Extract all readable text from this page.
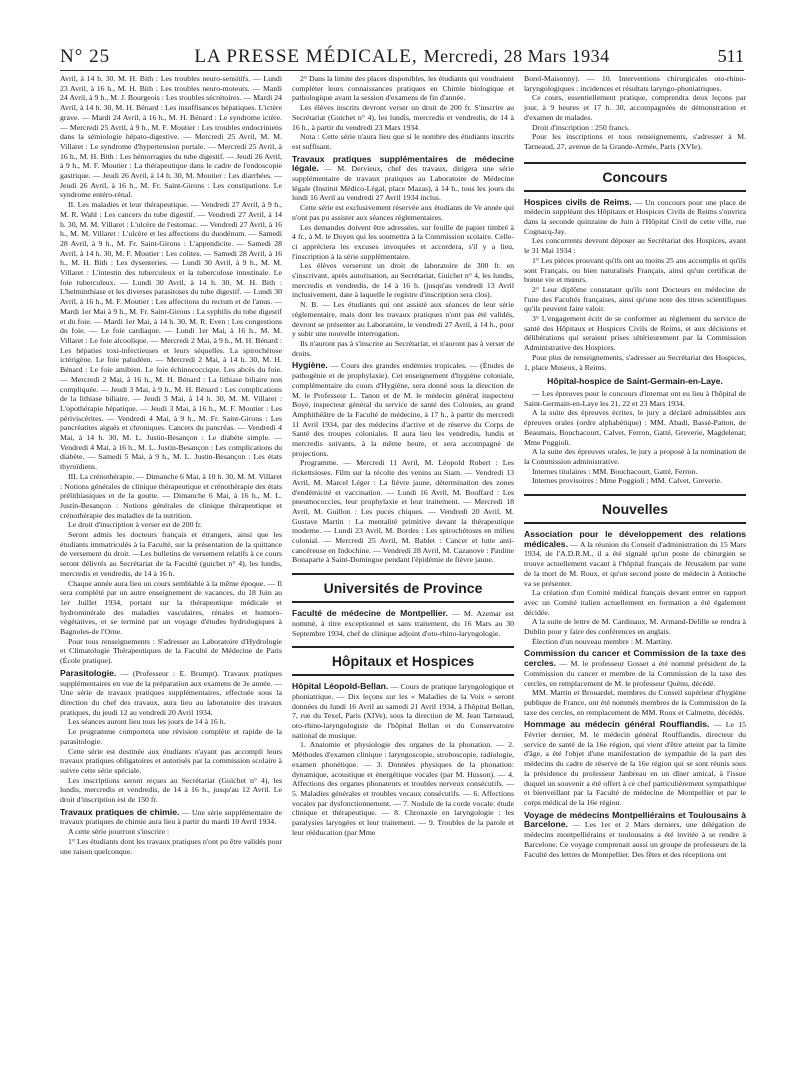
N° 25	LA PRESSE MÉDICALE, Mercredi, 28 Mars 1934	511

Avril, à 14 h. 30. M. H. Bith : Les troubles neuro-sensitifs. — Lundi 23 Avril, à 16 h., M. H. Bith : Les troubles neuro-moteurs. — Mardi 24 Avril, à 9 h., M. J. Bourgeois : Les troubles sécrétoires. — Mardi 24 Avril, à 14 h. 30, M. H. Bénard : Les insuffisances hépatiques. L'ictère grave. — Mardi 24 Avril, à 16 h., M. H. Bénard : Le syndrome ictère. — Mercredi 25 Avril, à 9 h., M. F. Moutier : Les troubles endocriniens dans la sémiologie hépato-digestive. — Mercredi 25 Avril, M. M. Villaret : Le syndrome d'hypertension portale. — Mercredi 25 Avril, à 16 h., M. H. Bith : Les hémorragies du tube digestif. — Jeudi 26 Avril, à 9 h., M. F. Moutier : La thérapeutique dans le cadre de l'endoscopie gastrique. — Jeudi 26 Avril, à 14 h. 30, M. Moutier : Les diarrhées. — Jeudi 26 Avril, à 16 h., M. Fr. Saint-Girons : Les constipations. Le syndrome entéro-rénal.

II. Les maladies et leur thérapeutique. — Vendredi 27 Avril, à 9 h., M. R. Wahl : Les cancers du tube digestif. — Vendredi 27 Avril, à 14 h. 30, M. M. Villaret : L'ulcère de l'estomac. — Vendredi 27 Avril, à 16 h., M. M. Villaret : L'ulcère et les affections du duodénum. — Samedi 28 Avril, à 9 h., M. Fr. Saint-Girons : L'appendicite. — Samedi 28 Avril, à 14 h. 30, M. F. Moutier : Les colites. — Samedi 28 Avril, à 16 h., M. H. Bith : Les dysenteries. — Lundi 30 Avril, à 9 h., M. M. Villaret : L'intestin des tuberculeux et la tuberculose intestinale. Le foie tuberculeux. — Lundi 30 Avril, à 14 h. 30, M. H. Bith : L'helminthiase et les diverses parasitoses du tube digestif. — Lundi 30 Avril, à 16 h., M. F. Moutier : Les affections du rectum et de l'anus. — Mardi 1er Mai à 9 h., M. Fr. Saint-Girons : La syphilis du tube digestif et du foie. — Mardi 1er Mai, à 14 h. 30, M. R. Even : Les congestions du foie. — Le foie cardiaque. — Lundi 1er Mai, à 16 h., M. M. Villaret : Le foie alcoolique. — Mercredi 2 Mai, à 9 h., M. H. Bénard : Les hépaties toxi-infectieuses et leurs séquelles. La spirochétose ictérigène. Le foie paludéen. — Mercredi 2 Mai, à 14 h. 30, M. H. Bénard : Le foie amibien. Le foie échinococcique. Les abcès du foie. — Mercredi 2 Mai, à 16 h., M. H. Bénard : La lithiase biliaire non compliquée. — Jeudi 3 Mai, à 9 h., M. H. Bénard : Les complications de la lithiase biliaire. — Jeudi 3 Mai, à 14 h. 30, M. M. Villaret : L'opothérapie hépatique. — Jeudi 3 Mai, à 16 h., M. F. Moutier : Les périviscérites. — Vendredi 4 Mai, à 9 h., M. Fr. Saint-Girons : Les pancréatites aiguës et chroniques. Cancers du pancréas. — Vendredi 4 Mai, à 14 h. 30, M. L. Justin-Besançon : Le diabète simple. — Vendredi 4 Mai, à 16 h., M. L. Justin-Besançon : Les complications du diabète. — Samedi 5 Mai, à 9 h., M. L. Justin-Besançon : Les états thyroïdiens.

III. La crénothérapie. — Dimanche 6 Mai, à 10 h. 30, M. M. Villaret : Notions générales de clinique thérapeutique et crénothérapie des états prélithiasiques et de la goutte. — Dimanche 6 Mai, à 16 h., M. L. Justin-Besançon : Notions générales de clinique thérapeutique et crénothérapie des maladies de la nutrition.

Le droit d'inscription à verser est de 200 fr.

Seront admis les docteurs français et étrangers, ainsi que les étudiants immatriculés à la Faculté, sur la présentation de la quittance de versement du droit. —Les bulletins de versement relatifs à ce cours seront délivrés au Secrétariat de la Faculté (guichet n° 4), les lundis, mercredis et vendredis, de 14 à 16 h.

Chaque année aura lieu un cours semblable à la même époque. — Il sera complété par un autre enseignement de vacances, du 18 Juin au 1er Juillet 1934, portant sur la thérapeutique médicale et hydrominérale des maladies vasculaires, rénales et humoro-végétatives, et se terminé par un voyage d'études hydrologiques à Bagnoles-de l'Orne.

Pour tous renseignements : S'adresser au Laboratoire d'Hydrologie et Climatologie Thérapeutiques de la Faculté de Médecine de Paris (École pratique).

Parasitologie. — (Professeur : E. Brumpt). Travaux pratiques supplémentaires en vue de la préparation aux examens de 3e année. — Une série de travaux pratiques supplémentaires, effectuée sous la direction du chef des travaux, aura lieu au laboratoire des travaux pratiques, du jeudi 12 au vendredi 20 Avril 1934.

Les séances auront lieu tous les jours de 14 à 16 h.

Le programme comportera une révision complète et rapide de la parasitologie.

Cette série est destinée aux étudiants n'ayant pas accompli leurs travaux pratiques obligatoires et autorisés par la commission scolaire à suivre cette série spéciale.

Les inscriptions seront reçues au Secrétariat (Guichet n° 4), les lundis, mercredis et vendredis, de 14 à 16 h., jusqu'au 12 Avril. Le droit d'inscription est de 150 fr.

Travaux pratiques de chimie. — Une série supplémentaire de travaux pratiques de chimie aura lieu à partir du mardi 10 Avril 1934.

A cette série pourront s'inscrire :

1° Les étudiants dont les travaux pratiques n'ont pu être validés pour une raison quelconque.

2° Dans la limite des places disponibles, les étudiants qui voudraient compléter leurs connaissances pratiques en Chimie biologique et pathologique avant la session d'examens de fin d'année.

Les élèves inscrits devront verser un droit de 200 fr. S'inscrire au Secrétariat (Guichet n° 4), les lundis, mercredis et vendredis, de 14 à 16 h., à partir du vendredi 23 Mars 1934.

Nota : Cette série n'aura lieu que si le nombre des étudiants inscrits est suffisant.

Travaux pratiques supplémentaires de médecine légale. — M. Dervieux, chef des travaux, dirigera une série supplémentaire de travaux pratiques au Laboratoire de Médecine légale (Institut Médico-Légal, place Mazas), à 14 h., tous les jours du lundi 16 Avril au vendredi 27 Avril 1934 inclus.

Cette série est exclusivement réservée aux étudiants de Ve année qui n'ont pas pu assister aux séances réglementaires.

Les demandes doivent être adressées, sur feuille de papier timbré à 4 fr., à M. le Doyen qui les soumettra à la Commission scolaire. Celle-ci appréciera les excuses invoquées et accordera, s'il y a lieu, l'inscription à la série supplémentaire.

Les élèves verseront un droit de laboratoire de 300 fr. en s'inscrivant, après autorisation, au Secrétariat, Guichet n° 4, les lundis, mercredis et vendredis, de 14 à 16 h. (jusqu'au vendredi 13 Avril inclusivement, date à laquelle le registre d'inscription sera clos).

N. B. — Les étudiants qui ont assisté aux séances de leur série réglementaire, mais dont les travaux pratiques n'ont pas été validés, devront se présenter au Laboratoire, le vendredi 27 Avril, à 14 h., pour y subir une nouvelle interrogation.

Ils n'auront pas à s'inscrire au Secrétariat, et n'auront pas à verser de droits.

Hygiène. — Cours des grandes endémies tropicales. — (Études de pathogénie et de prophylaxie). Cet enseignement d'hygiène coloniale, complémentaire du cours d'Hygiène, sera donné sous la direction de M. le Professeur L. Tanon et de M. le médecin général inspecteur Boyé, inspecteur général du service de santé des Colonies, au grand Amphithéâtre de la Faculté de médecine, à 17 h., à partir du mercredi 11 Avril 1934, par des médecins d'active et de réserve du Corps de Santé des troupes coloniales. Il aura lieu les vendredis, lundis et mercredis suivants, à la même heure, et sera accompagné de projections.

Programme. — Mercredi 11 Avril, M. Léopold Robert : Les rickettsioses. Film sur la récolte des venins au Siam. — Vendredi 13 Avril, M. Marcel Léger : La fièvre jaune, détermination des zones d'endémicité et vaccination. — Lundi 16 Avril, M. Bouffard : Les pneumococcies, leur prophylaxie et leur traitement. — Mercredi 18 Avril, M. Guillon : Les puces chiques. — Vendredi 20 Avril, M. Gustave Martin : La mentalité primitive devant la thérapeutique moderne. — Lundi 23 Avril, M. Bordes : Les spirochétoses en milieu colonial. — Mercredi 25 Avril, M. Bablet : Cancer et lutte anti-cancéreuse en Indochine. — Vendredi 28 Avril, M. Cazanove : Pauline Bonaparte à Saint-Domingue pendant l'épidémie de fièvre jaune.

Universités de Province

Faculté de médecine de Montpellier. — M. Azemar est nommé, à titre exceptionnel et sans traitement, du 16 Mars au 30 Septembre 1934, chef de clinique adjoint d'oto-rhino-laryngologie.

Hôpitaux et Hospices

Hôpital Léopold-Bellan. — Cours de pratique laryngologique et phoniatrique. — Dix leçons sur les « Maladies de la Voix » seront données du lundi 16 Avril au samedi 21 Avril 1934, à l'hôpital Bellan, 7, rue du Texel, Paris (XIVe), sous la direction de M. Jean Tarneaud, oto-rhino-laryngologiste de l'hôpital Bellan et du Conservatoire national de musique.

1. Anatomie et physiologie des organes de la phonation. — 2. Méthodes d'examen clinique : laryngoscopie, stroboscopie, radiologie, examen phonétique. — 3. Données physiques de la phonation: dynamique, acoustique et énergétique vocales (par M. Husson). — 4. Affections des organes phonateurs et troubles nerveux consécutifs. — 5. Maladies générales et troubles vocaux consécutifs. — 6. Affections vocales par dysfonctionnement. — 7. Nodule de la corde vocale: étude clinique et thérapeutique. — 8. Chronaxie en laryngologie : les paralysies laryngées et leur traitement. — 9. Troubles de la parole et leur rééducation (par Mme

Borel-Maisonny). — 10. Interventions chirurgicales oto-rhino-laryngologiques : incidences et résultats laryngo-phoniatriques.

Ce cours, essentiellement pratique, comprendra deux leçons par jour, à 9 heures et 17 h. 30, accompagnées de démonstration et d'examen de malades.

Droit d'inscription : 250 francs.

Pour les inscriptions et tous renseignements, s'adresser à M. Tarneaud, 27, avenue de la Grande-Armée, Paris (XVIe).

Concours

Hospices civils de Reims. — Un concours pour une place de médecin suppléant des Hôpitaux et Hospices Civils de Reims s'ouvrira dans la seconde quinzaine de Juin à l'Hôpital Civil de cette ville, rue Cognacq-Jay.

Les concurrents devront déposer au Secrétariat des Hospices, avant le 31 Mai 1934 :

1° Les pièces prouvant qu'ils ont au moins 25 ans accomplis et qu'ils sont Français, ou bien naturalisés Français, ainsi qu'un certificat de bonne vie et mœurs.

2° Leur diplôme constatant qu'ils sont Docteurs en médecine de l'une des Facultés françaises, ainsi qu'une note des titres scientifiques qu'ils peuvent faire valoir.

3° L'engagement écrit de se conformer au règlement du service de santé des Hôpitaux et Hospices Civils de Reims, et aux décisions et délibérations qui seraient prises ultérieurement par la Commission Administrative des Hospices.

Pour plus de renseignements, s'adresser au Secrétariat des Hospices, 1, place Museux, à Reims.

Hôpital-hospice de Saint-Germain-en-Laye.

— Les épreuves pour le concours d'internat ont eu lieu à l'hôpital de Saint-Germain-en-Laye les 21, 22 et 23 Mars 1934.

A la suite des épreuves écrites, le jury a déclaré admissibles aux épreuves orales (ordre alphabétique) : MM. Abadi, Bassé-Patton, de Beaumais, Bouchacourt, Calvet, Ferron, Gatté, Greverie, Magdelenat; Mme Poggioli.

A la suite des épreuves orales, le jury a proposé à la nomination de la Commission administrative.

Internes titulaires : MM. Bouchacourt, Gatté, Ferron.

Internes provisoires : Mme Poggioli ; MM. Calvet, Greverie.

Nouvelles

Association pour le développement des relations médicales. — A la réunion du Conseil d'administration du 15 Mars 1934, de l'A.D.R.M., il a été signalé qu'un poste de chirurgien se trouve actuellement vacant à l'hôpital français de Jérusalem par suite de la mort de M. Roux, et qu'un second poste de médecin à Antioche va se présenter.

La création d'un Comité médical français devant entrer en rapport avec un Comité italien actuellement en formation a été également décidée.

A la suite de lettre de M. Cardinaux, M. Armand-Delille se rendra à Dublin pour y faire des conférences en anglais.

Élection d'un nouveau membre : M. Martiny.

Commission du cancer et Commission de la taxe des cercles. — M. le professeur Gosset a été nommé président de la Commission du cancer et membre de la Commission de la taxe des cercles, en remplacement de M. le professeur Quénu, décédé.

MM. Martin et Brouardel, membres du Conseil supérieur d'hygiène publique de France, ont été nommés membres de la Commission de la taxe des cercles, en remplacement de MM. Roux et Calmette, décédés.

Hommage au médecin général Rouffiandis. — Le 15 Février dernier, M. le médecin général Rouffiandis, directeur du service de santé de la 16e région, qui vient d'être atteint par la limite d'âge, a été l'objet d'une manifestation de sympathie de la part des médecins du cadre de réserve de la 16e région qui se sont réunis sous la présidence du professeur Janbreau en un dîner amical, à l'issue duquel un souvenir a été offert à ce chef particulièrement sympathique et bienveillant par la Faculté de médecine de Montpellier et par le corps médical de la 16e région.

Voyage de médecins Montpelliérains et Toulousains à Barcelone. — Les 1er et 2 Mars derniers, une délégation de médecins montpelliérains et toulousains a été invitée à se rendre à Barcelone. Ce voyage comprenait aussi un groupe de professeurs de la Faculté des lettres de Montpellier. Des fêtes et des réceptions ont
